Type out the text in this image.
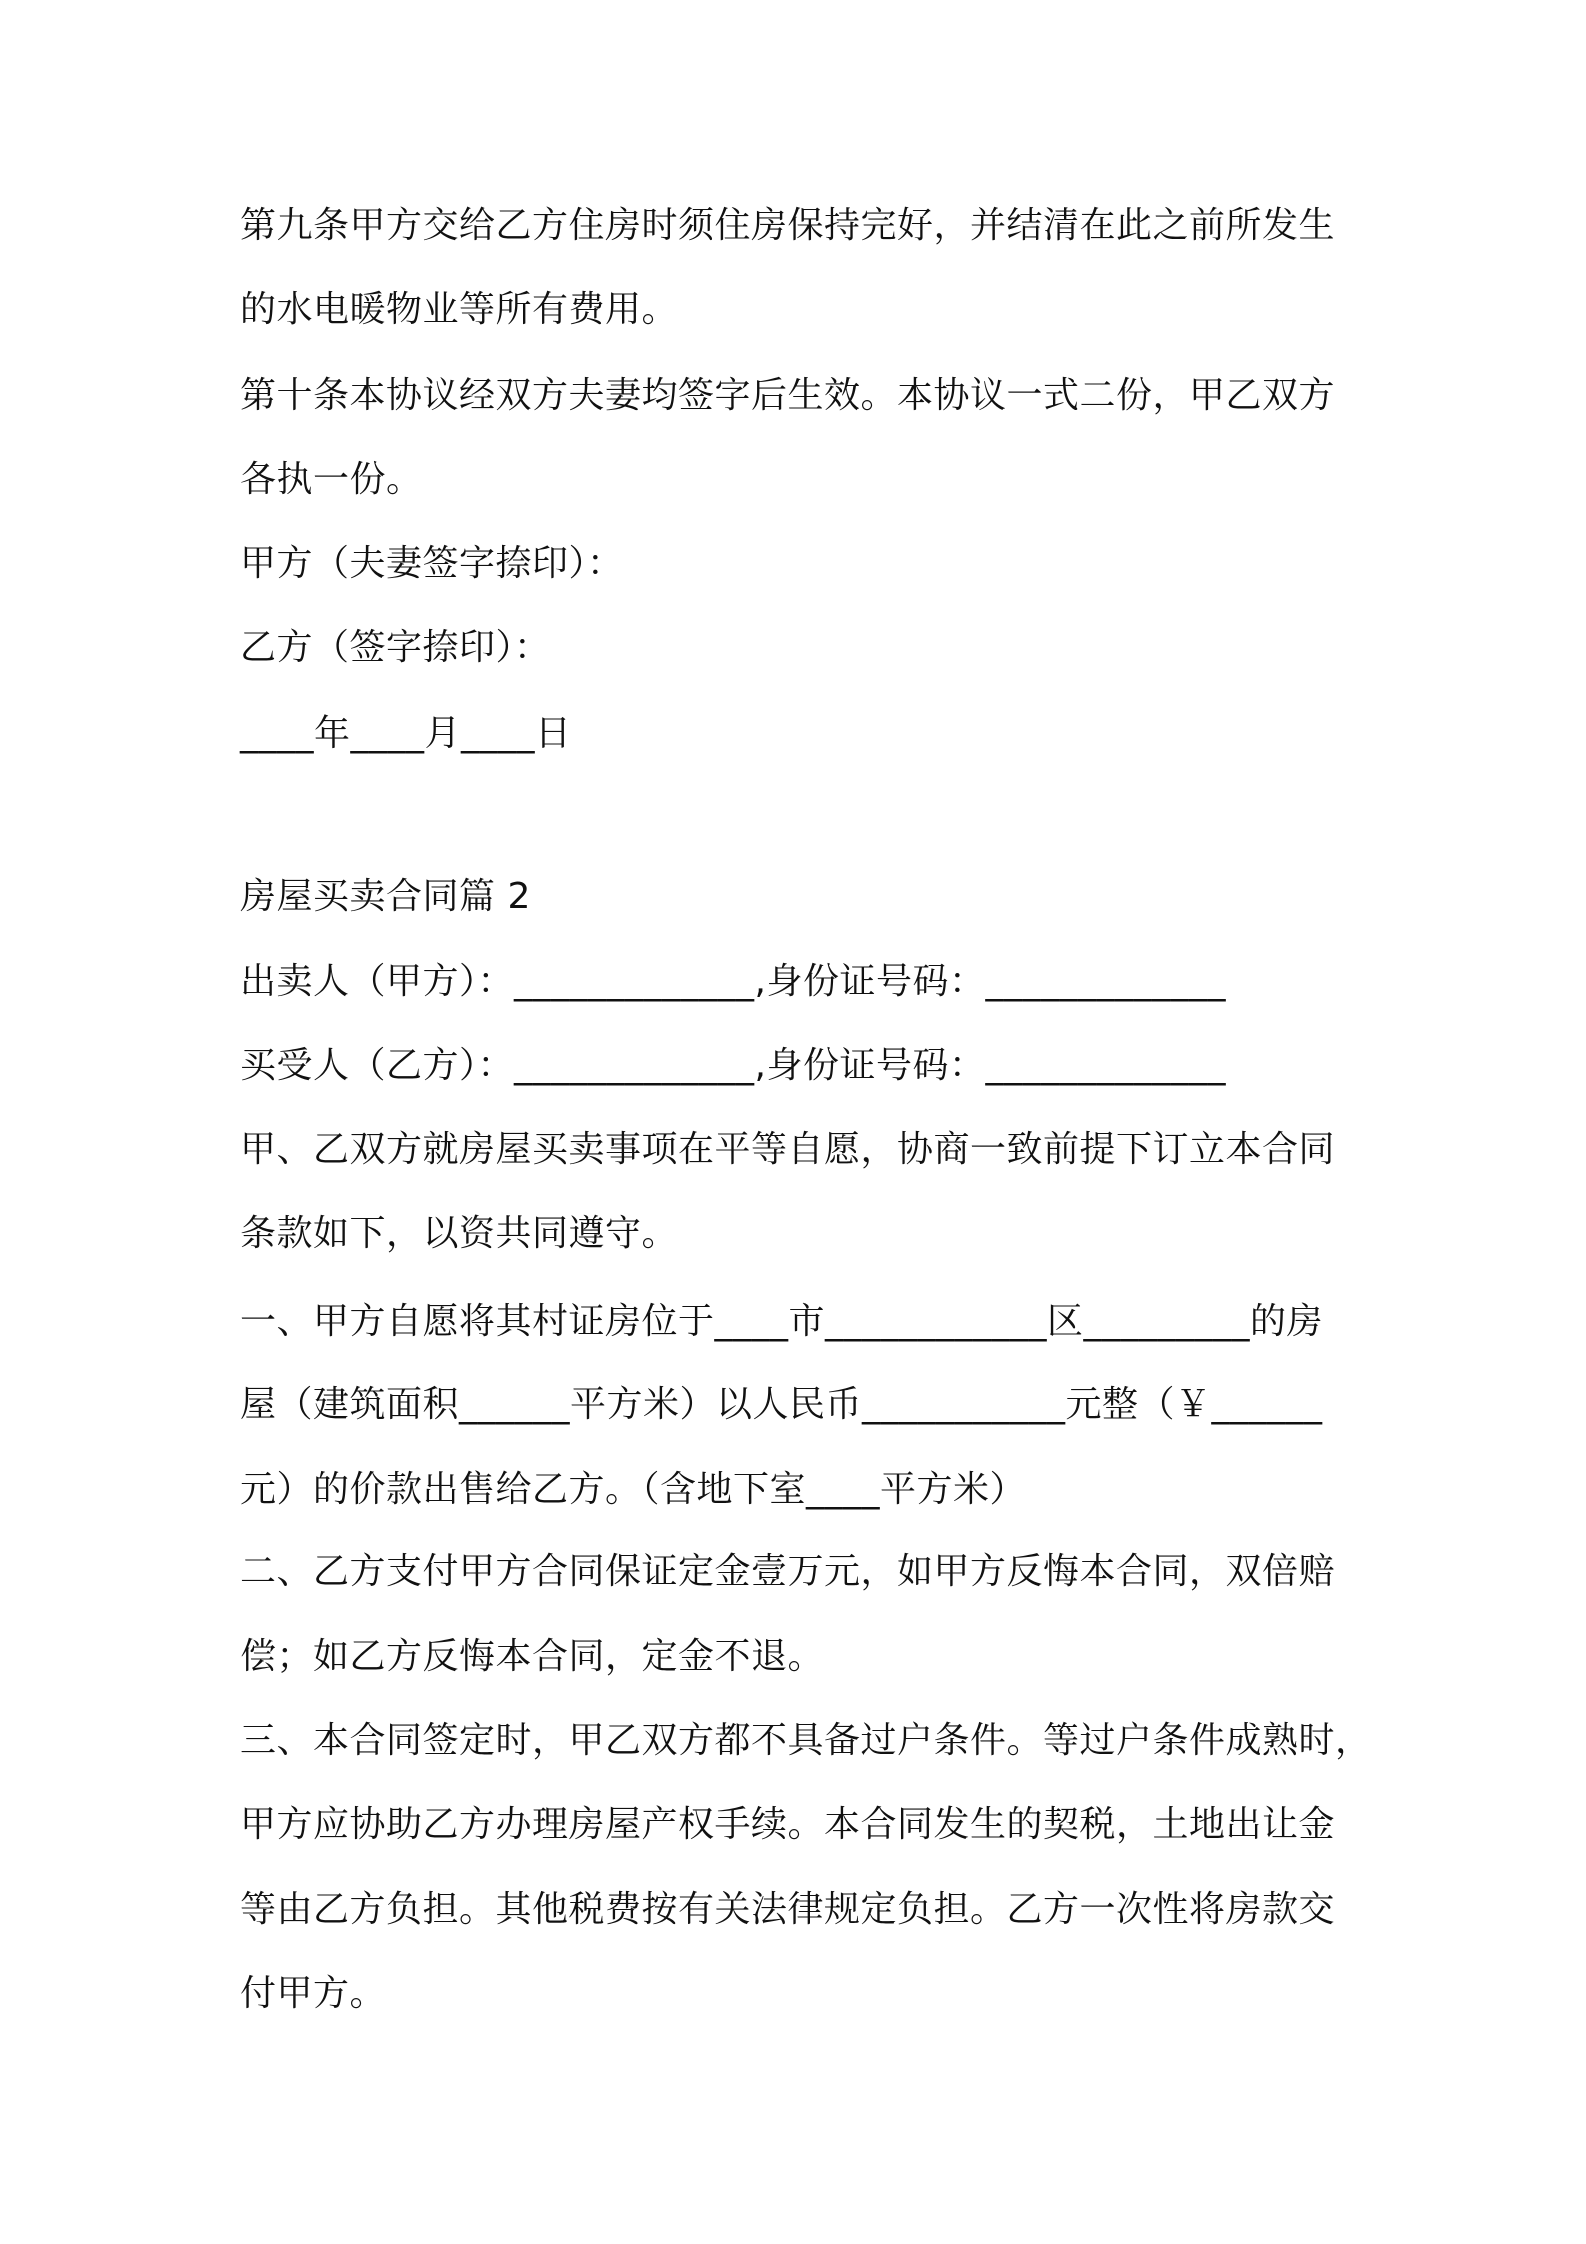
第九条甲方交给乙方住房时须住房保持完好，并结清在此之前所发生
的水电暖物业等所有费用。
第十条本协议经双方夫妻均签字后生效。本协议一式二份，甲乙双方
各执一份。
甲方（夫妻签字捺印）：
乙方（签字捺印）：
____年____月____日
房屋买卖合同篇 2
出卖人（甲方）：_____________,身份证号码：_____________
买受人（乙方）：_____________,身份证号码：_____________
甲、乙双方就房屋买卖事项在平等自愿，协商一致前提下订立本合同
条款如下，以资共同遵守。
一、甲方自愿将其村证房位于____市____________区_________的房
屋（建筑面积______平方米）以人民币___________元整（￥______
元）的价款出售给乙方。（含地下室____平方米）
二、乙方支付甲方合同保证定金壹万元，如甲方反悔本合同，双倍赔
偿；如乙方反悔本合同，定金不退。
三、本合同签定时，甲乙双方都不具备过户条件。等过户条件成熟时，
甲方应协助乙方办理房屋产权手续。本合同发生的契税，土地出让金
等由乙方负担。其他税费按有关法律规定负担。乙方一次性将房款交
付甲方。
